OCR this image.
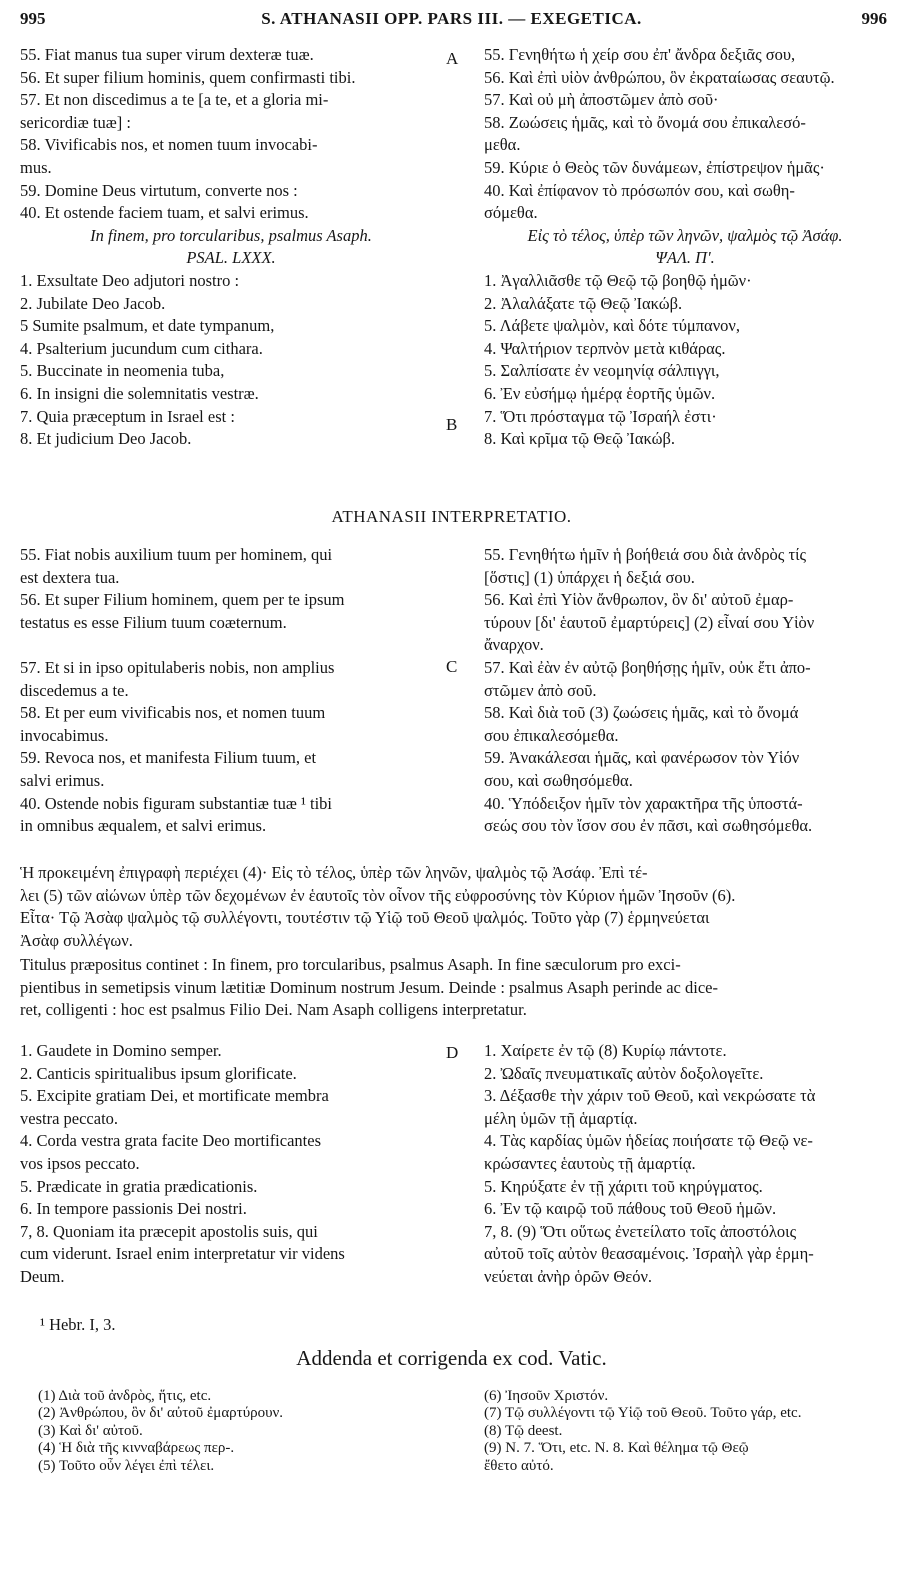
995	S. ATHANASII OPP. PARS III. — EXEGETICA.	996
A
B
C
D
55. Fiat manus tua super virum dexteræ tuæ.
56. Et super filium hominis, quem confirmasti tibi.
57. Et non discedimus a te [a te, et a gloria mi-
sericordiæ tuæ] :
58. Vivificabis nos, et nomen tuum invocabi-
mus.
59. Domine Deus virtutum, converte nos :
40. Et ostende faciem tuam, et salvi erimus.
In finem, pro torcularibus, psalmus Asaph.
PSAL. LXXX.
1. Exsultate Deo adjutori nostro :
2. Jubilate Deo Jacob.
5 Sumite psalmum, et date tympanum,
4. Psalterium jucundum cum cithara.
5. Buccinate in neomenia tuba,
6. In insigni die solemnitatis vestræ.
7. Quia præceptum in Israel est :
8. Et judicium Deo Jacob.
55. Γενηθήτω ἡ χείρ σου ἐπ' ἄνδρα δεξιᾶς σου,
56. Καὶ ἐπὶ υἱὸν ἀνθρώπου, ὃν ἐκραταίωσας σεαυτῷ.
57. Καὶ οὐ μὴ ἀποστῶμεν ἀπὸ σοῦ·
58. Ζωώσεις ἡμᾶς, καὶ τὸ ὄνομά σου ἐπικαλεσό-
μεθα.
59. Κύριε ὁ Θεὸς τῶν δυνάμεων, ἐπίστρεψον ἡμᾶς·
40. Καὶ ἐπίφανον τὸ πρόσωπόν σου, καὶ σωθη-
σόμεθα.
Εἰς τὸ τέλος, ὑπὲρ τῶν ληνῶν, ψαλμὸς τῷ Ἀσάφ.
ΨΑΛ. Π'.
1. Ἀγαλλιᾶσθε τῷ Θεῷ τῷ βοηθῷ ἡμῶν·
2. Ἀλαλάξατε τῷ Θεῷ Ἰακώβ.
5. Λάβετε ψαλμὸν, καὶ δότε τύμπανον,
4. Ψαλτήριον τερπνὸν μετὰ κιθάρας.
5. Σαλπίσατε ἐν νεομηνίᾳ σάλπιγγι,
6. Ἐν εὐσήμῳ ἡμέρᾳ ἑορτῆς ὑμῶν.
7. Ὅτι πρόσταγμα τῷ Ἰσραήλ ἐστι·
8. Καὶ κρῖμα τῷ Θεῷ Ἰακώβ.
ATHANASII INTERPRETATIO.
55. Fiat nobis auxilium tuum per hominem, qui
est dextera tua.
56. Et super Filium hominem, quem per te ipsum
testatus es esse Filium tuum coæternum.
57. Et si in ipso opitulaberis nobis, non amplius
discedemus a te.
58. Et per eum vivificabis nos, et nomen tuum
invocabimus.
59. Revoca nos, et manifesta Filium tuum, et
salvi erimus.
40. Ostende nobis figuram substantiæ tuæ ¹ tibi
in omnibus æqualem, et salvi erimus.
55. Γενηθήτω ἡμῖν ἡ βοήθειά σου διὰ ἀνδρὸς τίς
[ὅστις] (1) ὑπάρχει ἡ δεξιά σου.
56. Καὶ ἐπὶ Υἱὸν ἄνθρωπον, ὃν δι' αὐτοῦ ἐμαρ-
τύρουν [δι' ἑαυτοῦ ἐμαρτύρεις] (2) εἶναί σου Υἱὸν
ἄναρχον.
57. Καὶ ἐὰν ἐν αὐτῷ βοηθήσῃς ἡμῖν, οὐκ ἔτι ἀπο-
στῶμεν ἀπὸ σοῦ.
58. Καὶ διὰ τοῦ (3) ζωώσεις ἡμᾶς, καὶ τὸ ὄνομά
σου ἐπικαλεσόμεθα.
59. Ἀνακάλεσαι ἡμᾶς, καὶ φανέρωσον τὸν Υἱόν
σου, καὶ σωθησόμεθα.
40. Ὑπόδειξον ἡμῖν τὸν χαρακτῆρα τῆς ὑποστά-
σεώς σου τὸν ἴσον σου ἐν πᾶσι, καὶ σωθησόμεθα.
Ἡ προκειμένη ἐπιγραφὴ περιέχει (4)· Εἰς τὸ τέλος, ὑπὲρ τῶν ληνῶν, ψαλμὸς τῷ Ἀσάφ. Ἐπὶ τέ-
λει (5) τῶν αἰώνων ὑπὲρ τῶν δεχομένων ἐν ἑαυτοῖς τὸν οἶνον τῆς εὐφροσύνης τὸν Κύριον ἡμῶν Ἰησοῦν (6).
Εἶτα· Τῷ Ἀσὰφ ψαλμὸς τῷ συλλέγοντι, τουτέστιν τῷ Υἱῷ τοῦ Θεοῦ ψαλμός. Τοῦτο γὰρ (7) ἑρμηνεύεται
Ἀσὰφ συλλέγων.
Titulus præpositus continet : In finem, pro torcularibus, psalmus Asaph. In fine sæculorum pro exci-
pientibus in semetipsis vinum lætitiæ Dominum nostrum Jesum. Deinde : psalmus Asaph perinde ac dice-
ret, colligenti : hoc est psalmus Filio Dei. Nam Asaph colligens interpretatur.
1. Gaudete in Domino semper.
2. Canticis spiritualibus ipsum glorificate.
5. Excipite gratiam Dei, et mortificate membra
vestra peccato.
4. Corda vestra grata facite Deo mortificantes
vos ipsos peccato.
5. Prædicate in gratia prædicationis.
6. In tempore passionis Dei nostri.
7, 8. Quoniam ita præcepit apostolis suis, qui
cum viderunt. Israel enim interpretatur vir videns
Deum.
1. Χαίρετε ἐν τῷ (8) Κυρίῳ πάντοτε.
2. Ὠδαῖς πνευματικαῖς αὐτὸν δοξολογεῖτε.
3. Δέξασθε τὴν χάριν τοῦ Θεοῦ, καὶ νεκρώσατε τὰ
μέλη ὑμῶν τῇ ἁμαρτίᾳ.
4. Τὰς καρδίας ὑμῶν ἡδείας ποιήσατε τῷ Θεῷ νε-
κρώσαντες ἑαυτοὺς τῇ ἁμαρτίᾳ.
5. Κηρύξατε ἐν τῇ χάριτι τοῦ κηρύγματος.
6. Ἐν τῷ καιρῷ τοῦ πάθους τοῦ Θεοῦ ἡμῶν.
7, 8. (9) Ὅτι οὕτως ἐνετείλατο τοῖς ἀποστόλοις
αὐτοῦ τοῖς αὐτὸν θεασαμένοις. Ἰσραὴλ γὰρ ἑρμη-
νεύεται ἀνὴρ ὁρῶν Θεόν.
¹ Hebr. I, 3.
Addenda et corrigenda ex cod. Vatic.
(1) Διὰ τοῦ ἀνδρὸς, ἥτις, etc.
(2) Ἀνθρώπου, ὃν δι' αὐτοῦ ἐμαρτύρουν.
(3) Καὶ δι' αὐτοῦ.
(4) Ἡ διὰ τῆς κινναβάρεως περ-.
(5) Τοῦτο οὖν λέγει ἐπὶ τέλει.
(6) Ἰησοῦν Χριστόν.
(7) Τῷ συλλέγοντι τῷ Υἱῷ τοῦ Θεοῦ. Τοῦτο γάρ, etc.
(8) Τῷ deest.
(9) N. 7. Ὅτι, etc. N. 8. Καὶ θέλημα τῷ Θεῷ
ἔθετο αὐτό.
